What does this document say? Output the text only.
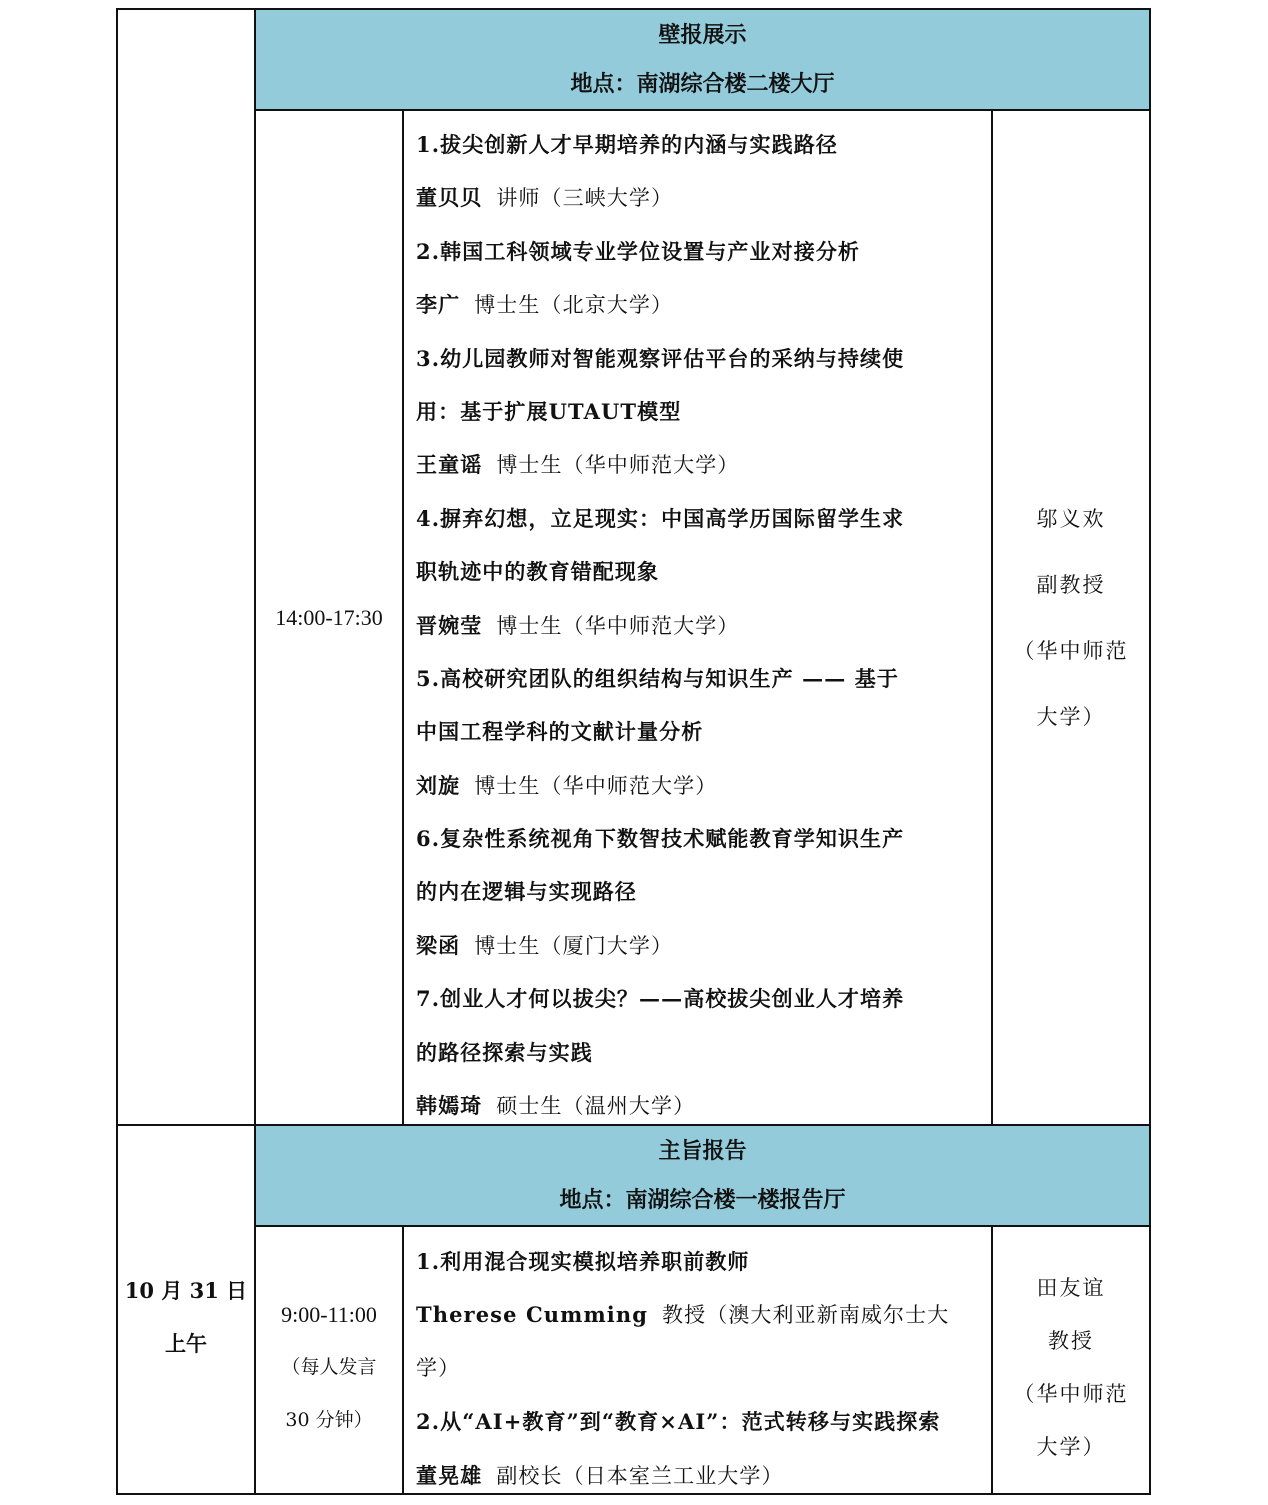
壁报展示
地点：南湖综合楼二楼大厅
14:00-17:30
1.拔尖创新人才早期培养的内涵与实践路径
董贝贝 讲师（三峡大学）
2.韩国工科领域专业学位设置与产业对接分析
李广 博士生（北京大学）
3.幼儿园教师对智能观察评估平台的采纳与持续使
用：基于扩展UTAUT模型
王童谣 博士生（华中师范大学）
4.摒弃幻想，立足现实：中国高学历国际留学生求
职轨迹中的教育错配现象
晋婉莹 博士生（华中师范大学）
5.高校研究团队的组织结构与知识生产 —— 基于
中国工程学科的文献计量分析
刘旋 博士生（华中师范大学）
6.复杂性系统视角下数智技术赋能教育学知识生产
的内在逻辑与实现路径
梁函 博士生（厦门大学）
7.创业人才何以拔尖？——高校拔尖创业人才培养
的路径探索与实践
韩嫣琦 硕士生（温州大学）
邬义欢
副教授
（华中师范
大学）
10 月 31 日
上午
主旨报告
地点：南湖综合楼一楼报告厅
9:00-11:00
（每人发言
30 分钟）
1.利用混合现实模拟培养职前教师
Therese Cumming 教授（澳大利亚新南威尔士大
学）
2.从“AI+教育”到“教育×AI”：范式转移与实践探索
董晃雄 副校长（日本室兰工业大学）
田友谊
教授
（华中师范
大学）
